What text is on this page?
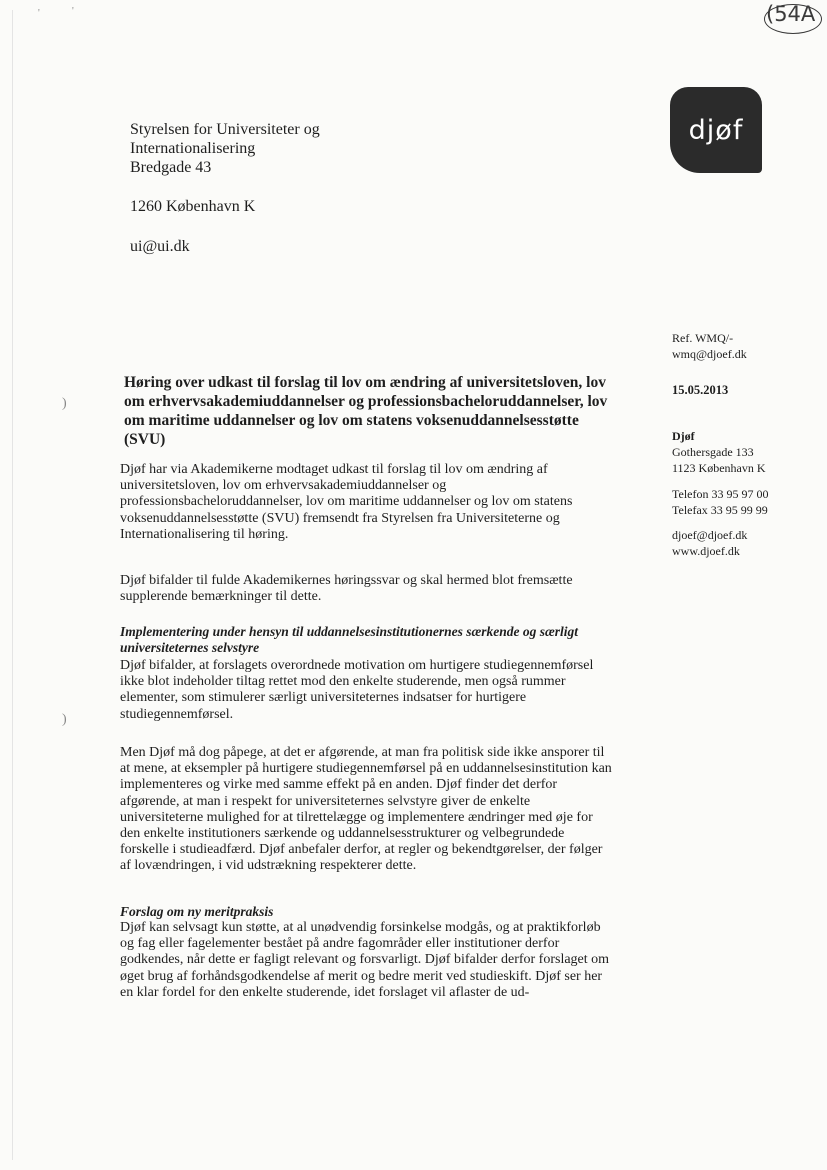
'	'
)
)
(54A
djøf
Styrelsen for Universiteter og
Internationalisering
Bredgade 43
1260 København K
ui@ui.dk
Ref. WMQ/-
wmq@djoef.dk
15.05.2013
Djøf
Gothersgade 133
1123 København K
Telefon 33 95 97 00
Telefax 33 95 99 99
djoef@djoef.dk
www.djoef.dk
Høring over udkast til forslag til lov om ændring af universitetsloven, lov om erhvervsakademiuddannelser og professionsbacheloruddannelser, lov om maritime uddannelser og lov om statens voksenuddannelsesstøtte (SVU)
Djøf har via Akademikerne modtaget udkast til forslag til lov om ændring af universitetsloven, lov om erhvervsakademiuddannelser og professionsbacheloruddannelser, lov om maritime uddannelser og lov om statens voksenuddannelsesstøtte (SVU) fremsendt fra Styrelsen fra Universiteterne og Internationalisering til høring.
Djøf bifalder til fulde Akademikernes høringssvar og skal hermed blot fremsætte supplerende bemærkninger til dette.
Implementering under hensyn til uddannelsesinstitutionernes særkende og særligt universiteternes selvstyre
Djøf bifalder, at forslagets overordnede motivation om hurtigere studiegennemførsel ikke blot indeholder tiltag rettet mod den enkelte studerende, men også rummer elementer, som stimulerer særligt universiteternes indsatser for hurtigere studiegennemførsel.
Men Djøf må dog påpege, at det er afgørende, at man fra politisk side ikke ansporer til at mene, at eksempler på hurtigere studiegennemførsel på en uddannelsesinstitution kan implementeres og virke med samme effekt på en anden. Djøf finder det derfor afgørende, at man i respekt for universiteternes selvstyre giver de enkelte universiteterne mulighed for at tilrettelægge og implementere ændringer med øje for den enkelte institutioners særkende og uddannelsesstrukturer og velbegrundede forskelle i studieadfærd. Djøf anbefaler derfor, at regler og bekendtgørelser, der følger af lovændringen, i vid udstrækning respekterer dette.
Forslag om ny meritpraksis
Djøf kan selvsagt kun støtte, at al unødvendig forsinkelse modgås, og at praktikforløb og fag eller fagelementer bestået på andre fagområder eller institutioner derfor godkendes, når dette er fagligt relevant og forsvarligt. Djøf bifalder derfor forslaget om øget brug af forhåndsgodkendelse af merit og bedre merit ved studieskift. Djøf ser her en klar fordel for den enkelte studerende, idet forslaget vil aflaster de ud-
